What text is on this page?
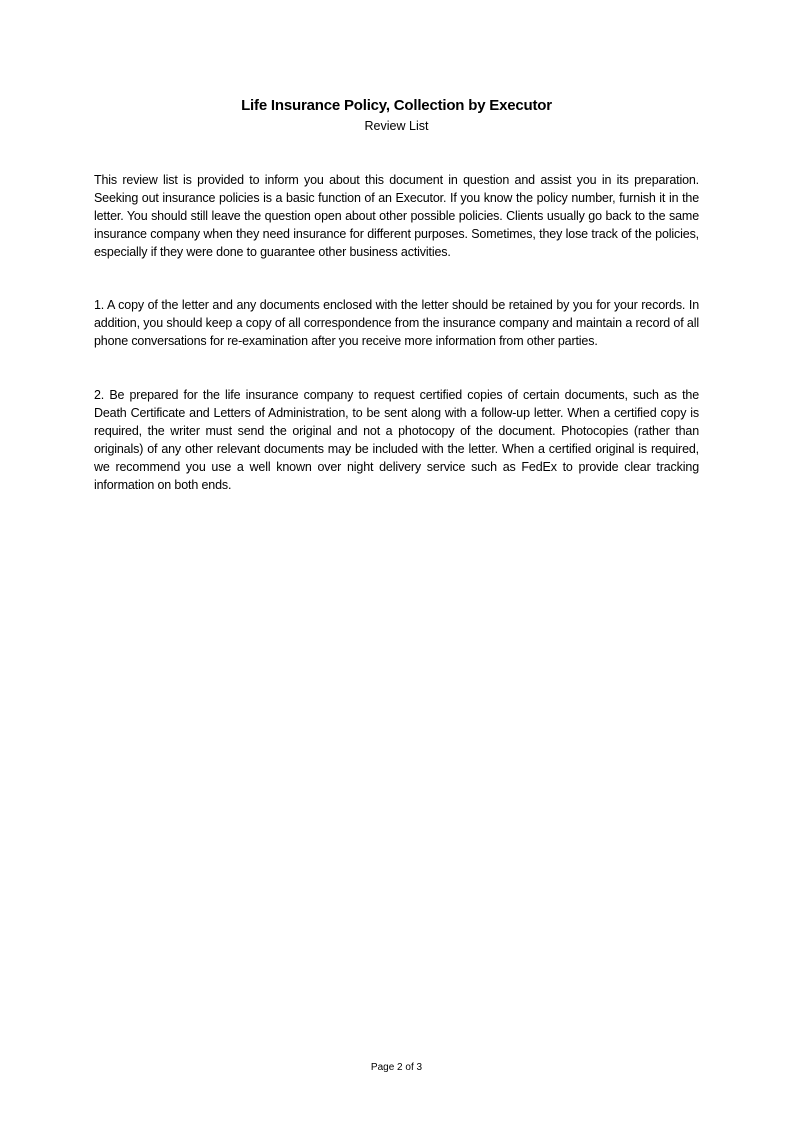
Life Insurance Policy, Collection by Executor
Review List

This review list is provided to inform you about this document in question and assist you in its preparation. Seeking out insurance policies is a basic function of an Executor. If you know the policy number, furnish it in the letter. You should still leave the question open about other possible policies. Clients usually go back to the same insurance company when they need insurance for different purposes. Sometimes, they lose track of the policies, especially if they were done to guarantee other business activities.

1. A copy of the letter and any documents enclosed with the letter should be retained by you for your records. In addition, you should keep a copy of all correspondence from the insurance company and maintain a record of all phone conversations for re-examination after you receive more information from other parties.

2. Be prepared for the life insurance company to request certified copies of certain documents, such as the Death Certificate and Letters of Administration, to be sent along with a follow-up letter. When a certified copy is required, the writer must send the original and not a photocopy of the document. Photocopies (rather than originals) of any other relevant documents may be included with the letter. When a certified original is required, we recommend you use a well known over night delivery service such as FedEx to provide clear tracking information on both ends.

Page 2 of 3
